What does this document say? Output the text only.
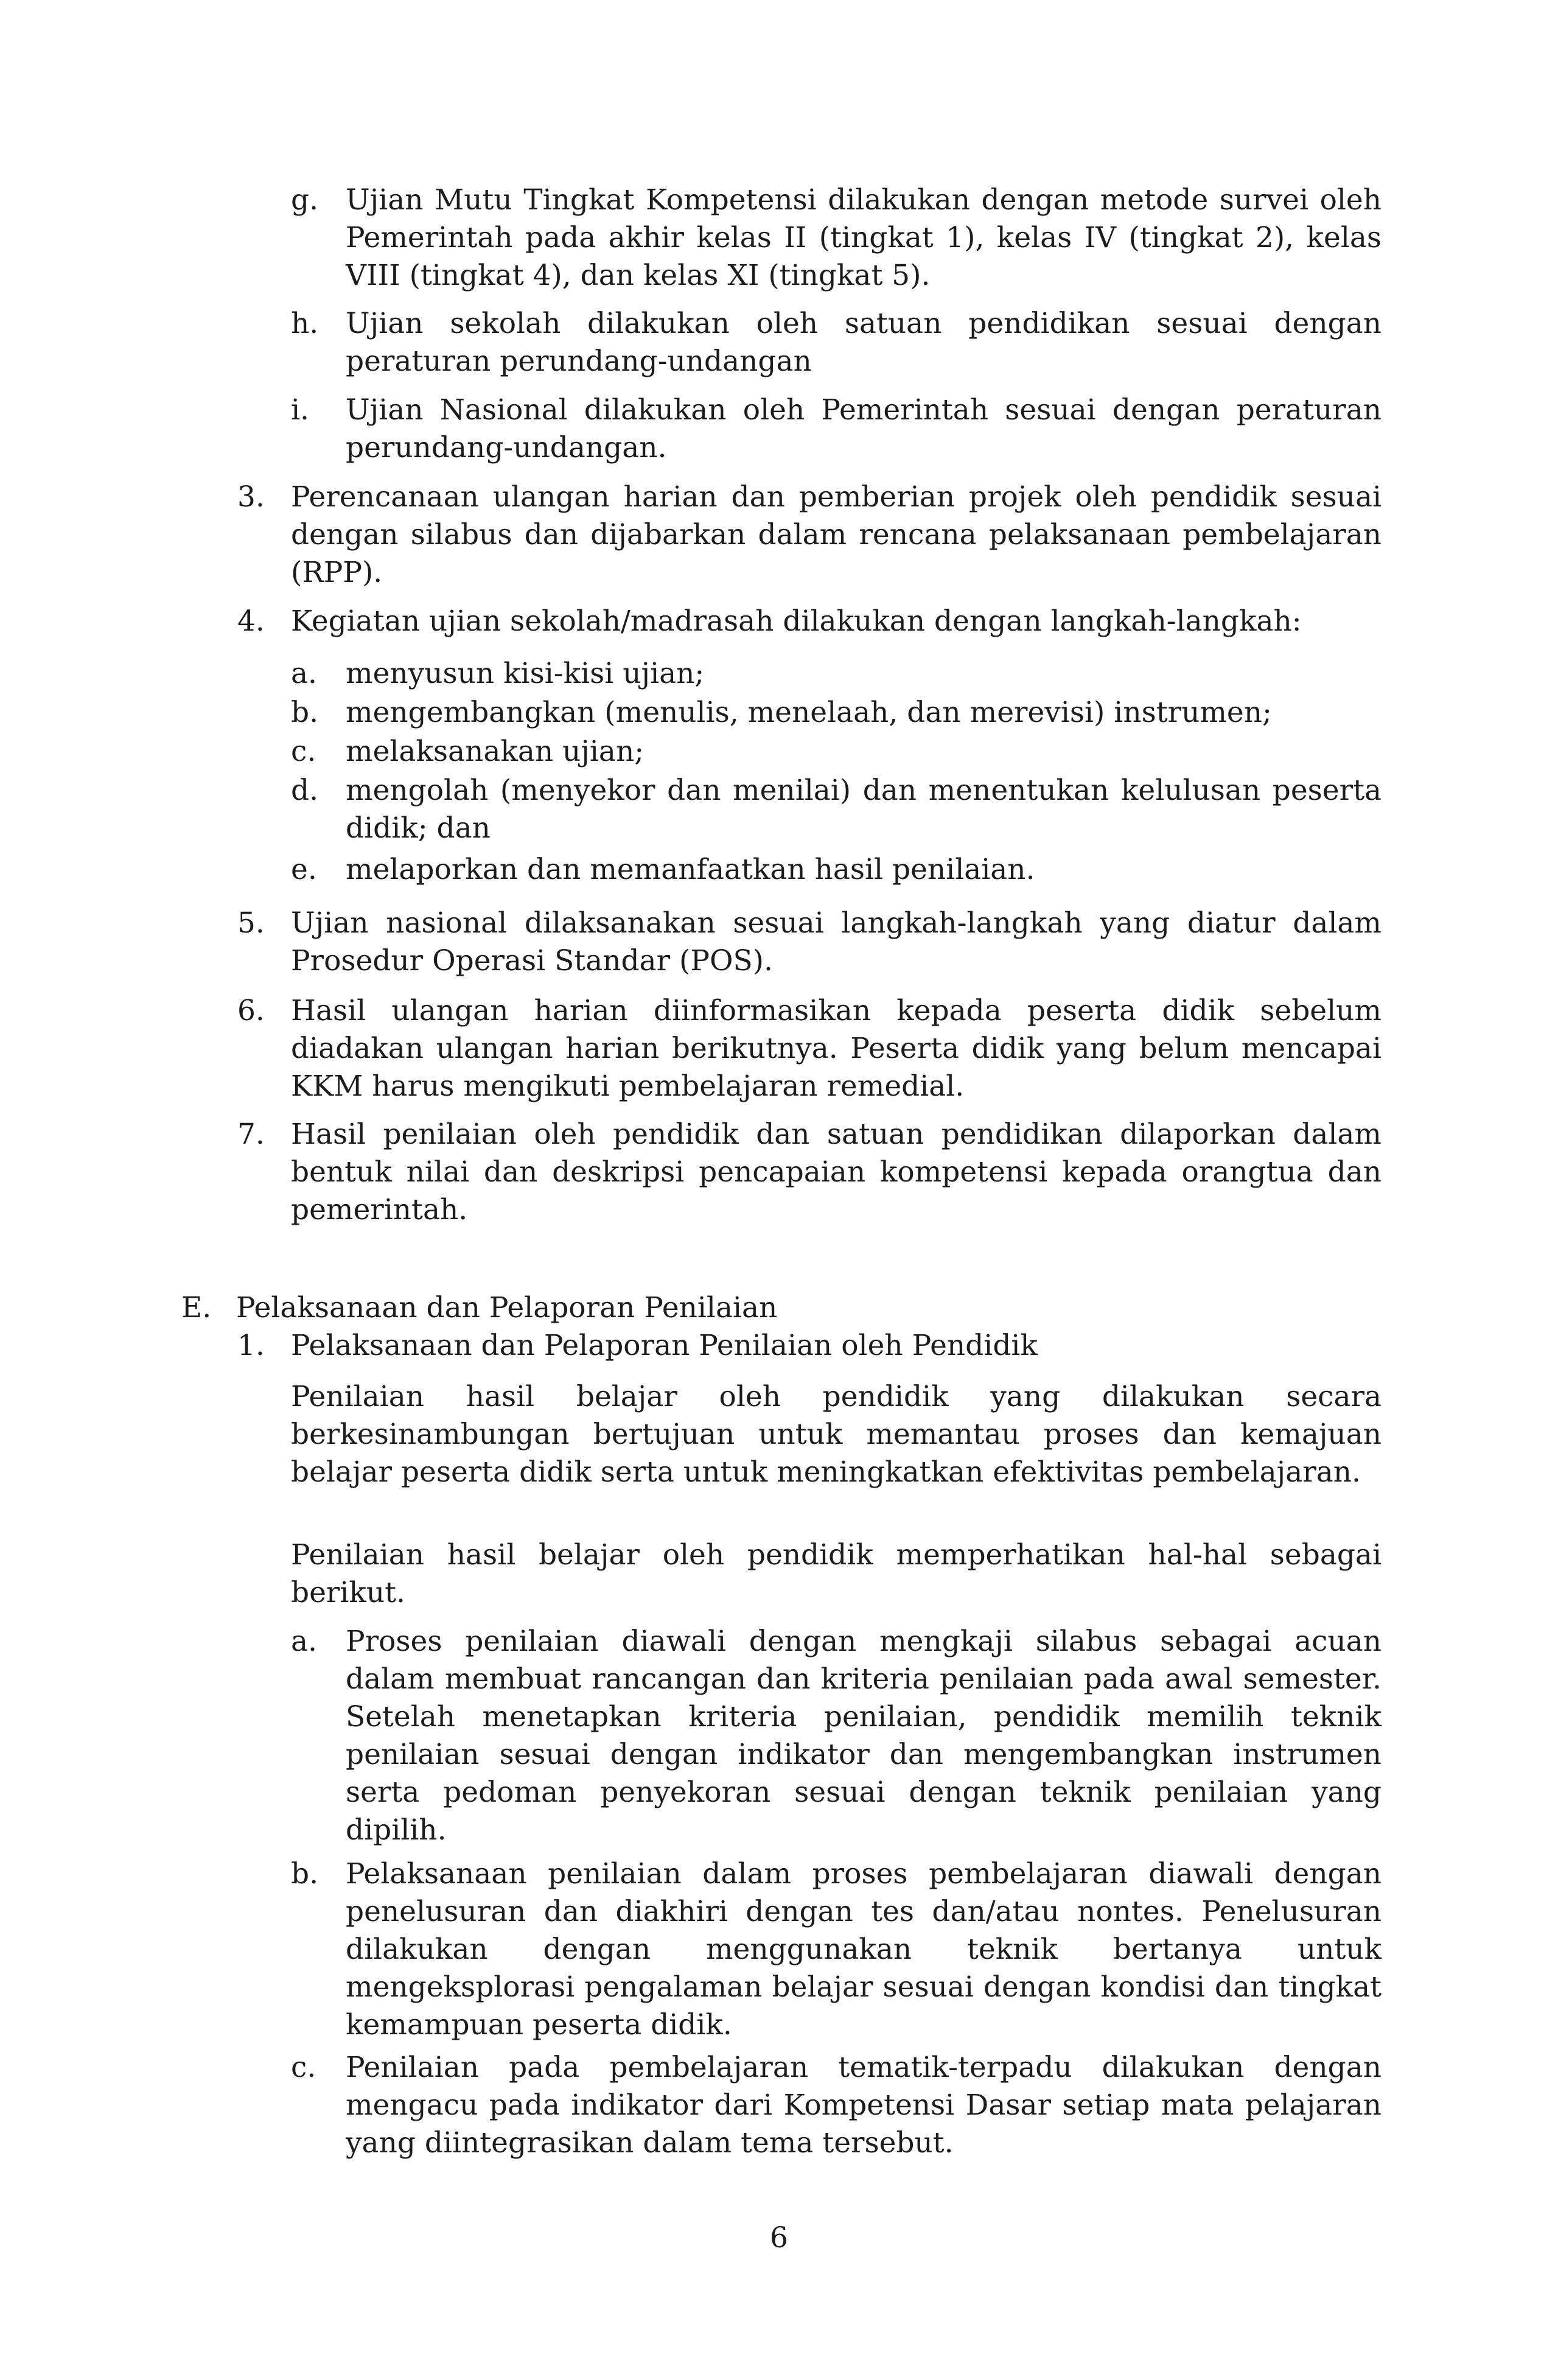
g. Ujian Mutu Tingkat Kompetensi dilakukan dengan metode survei oleh Pemerintah pada akhir kelas II (tingkat 1), kelas IV (tingkat 2), kelas VIII (tingkat 4), dan kelas XI (tingkat 5).
h. Ujian sekolah dilakukan oleh satuan pendidikan sesuai dengan peraturan perundang-undangan
i. Ujian Nasional dilakukan oleh Pemerintah sesuai dengan peraturan perundang-undangan.
3. Perencanaan ulangan harian dan pemberian projek oleh pendidik sesuai dengan silabus dan dijabarkan dalam rencana pelaksanaan pembelajaran (RPP).
4. Kegiatan ujian sekolah/madrasah dilakukan dengan langkah-langkah:
a. menyusun kisi-kisi ujian;
b. mengembangkan (menulis, menelaah, dan merevisi) instrumen;
c. melaksanakan ujian;
d. mengolah (menyekor dan menilai) dan menentukan kelulusan peserta didik; dan
e. melaporkan dan memanfaatkan hasil penilaian.
5. Ujian nasional dilaksanakan sesuai langkah-langkah yang diatur dalam Prosedur Operasi Standar (POS).
6. Hasil ulangan harian diinformasikan kepada peserta didik sebelum diadakan ulangan harian berikutnya. Peserta didik yang belum mencapai KKM harus mengikuti pembelajaran remedial.
7. Hasil penilaian oleh pendidik dan satuan pendidikan dilaporkan dalam bentuk nilai dan deskripsi pencapaian kompetensi kepada orangtua dan pemerintah.
E. Pelaksanaan dan Pelaporan Penilaian
1. Pelaksanaan dan Pelaporan Penilaian oleh Pendidik
Penilaian hasil belajar oleh pendidik yang dilakukan secara berkesinambungan bertujuan untuk memantau proses dan kemajuan belajar peserta didik serta untuk meningkatkan efektivitas pembelajaran.
Penilaian hasil belajar oleh pendidik memperhatikan hal-hal sebagai berikut.
a. Proses penilaian diawali dengan mengkaji silabus sebagai acuan dalam membuat rancangan dan kriteria penilaian pada awal semester. Setelah menetapkan kriteria penilaian, pendidik memilih teknik penilaian sesuai dengan indikator dan mengembangkan instrumen serta pedoman penyekoran sesuai dengan teknik penilaian yang dipilih.
b. Pelaksanaan penilaian dalam proses pembelajaran diawali dengan penelusuran dan diakhiri dengan tes dan/atau nontes. Penelusuran dilakukan dengan menggunakan teknik bertanya untuk mengeksplorasi pengalaman belajar sesuai dengan kondisi dan tingkat kemampuan peserta didik.
c. Penilaian pada pembelajaran tematik-terpadu dilakukan dengan mengacu pada indikator dari Kompetensi Dasar setiap mata pelajaran yang diintegrasikan dalam tema tersebut.
6
